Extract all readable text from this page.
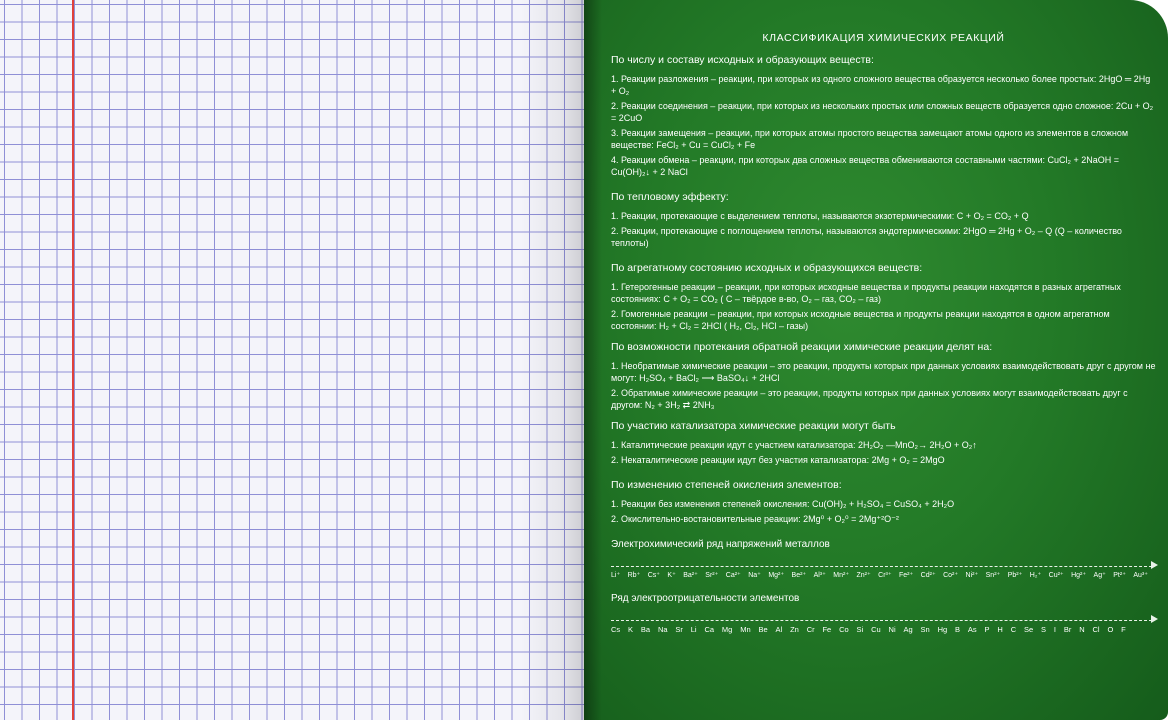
КЛАССИФИКАЦИЯ ХИМИЧЕСКИХ РЕАКЦИЙ
По числу и составу исходных и образующих веществ:
1. Реакции разложения – реакции, при которых из одного сложного вещества образуется несколько более простых: 2HgO ═ 2Hg + O₂
2. Реакции соединения – реакции, при которых из нескольких простых или сложных веществ образуется одно сложное: 2Cu + O₂ = 2CuO
3. Реакции замещения – реакции, при которых атомы простого вещества замещают атомы одного из элементов в сложном веществе: FeCl₂ + Cu = CuCl₂ + Fe
4. Реакции обмена – реакции, при которых два сложных вещества обмениваются составными частями: CuCl₂ + 2NaOH = Cu(OH)₂↓ + 2 NaCl
По тепловому эффекту:
1. Реакции, протекающие с выделением теплоты, называются экзотермическими: C + O₂ = CO₂ + Q
2. Реакции, протекающие с поглощением теплоты, называются эндотермическими: 2HgO ═ 2Hg + O₂ – Q (Q – количество теплоты)
По агрегатному состоянию исходных и образующихся веществ:
1. Гетерогенные реакции – реакции, при которых исходные вещества и продукты реакции находятся в разных агрегатных состояниях: C + O₂ = CO₂ ( C – твёрдое в-во, O₂ – газ, CO₂ – газ)
2. Гомогенные реакции – реакции, при которых исходные вещества и продукты реакции находятся в одном агрегатном состоянии: H₂ + Cl₂ = 2HCl ( H₂, Cl₂, HCl – газы)
По возможности протекания обратной реакции химические реакции делят на:
1. Необратимые химические реакции – это реакции, продукты которых при данных условиях взаимодействовать друг с другом не могут: H₂SO₄ + BaCl₂ ⟶ BaSO₄↓ + 2HCl
2. Обратимые химические реакции – это реакции, продукты которых при данных условиях могут взаимодействовать друг с другом: N₂ + 3H₂ ⇄ 2NH₃
По участию катализатора химические реакции могут быть
1. Каталитические реакции идут с участием катализатора: 2H₂O₂ —MnO₂→ 2H₂O + O₂↑
2. Некаталитические реакции идут без участия катализатора: 2Mg + O₂ = 2MgO
По изменению степеней окисления элементов:
1. Реакции без изменения степеней окисления: Cu(OH)₂ + H₂SO₄ = CuSO₄ + 2H₂O
2. Окислительно-востановительные реакции: 2Mg⁰ + O₂⁰ = 2Mg⁺²O⁻²
Электрохимический ряд напряжений металлов
Li⁺ Rb⁺ Cs⁺ K⁺ Ba²⁺ Sr²⁺ Ca²⁺ Na⁺ Mg²⁺ Be²⁺ Al³⁺ Mn²⁺ Zn²⁺ Cr³⁺ Fe²⁺ Cd²⁺ Co²⁺ Ni²⁺ Sn²⁺ Pb²⁺ H₂⁺ Cu²⁺ Hg²⁺ Ag⁺ Pt²⁺ Au³⁺
Ряд электроотрицательности элементов
Cs K Ba Na Sr Li Ca Mg Mn Be Al Zn Cr Fe Co Si Cu Ni Ag Sn Hg B As P H C Se S I Br N Cl O F
